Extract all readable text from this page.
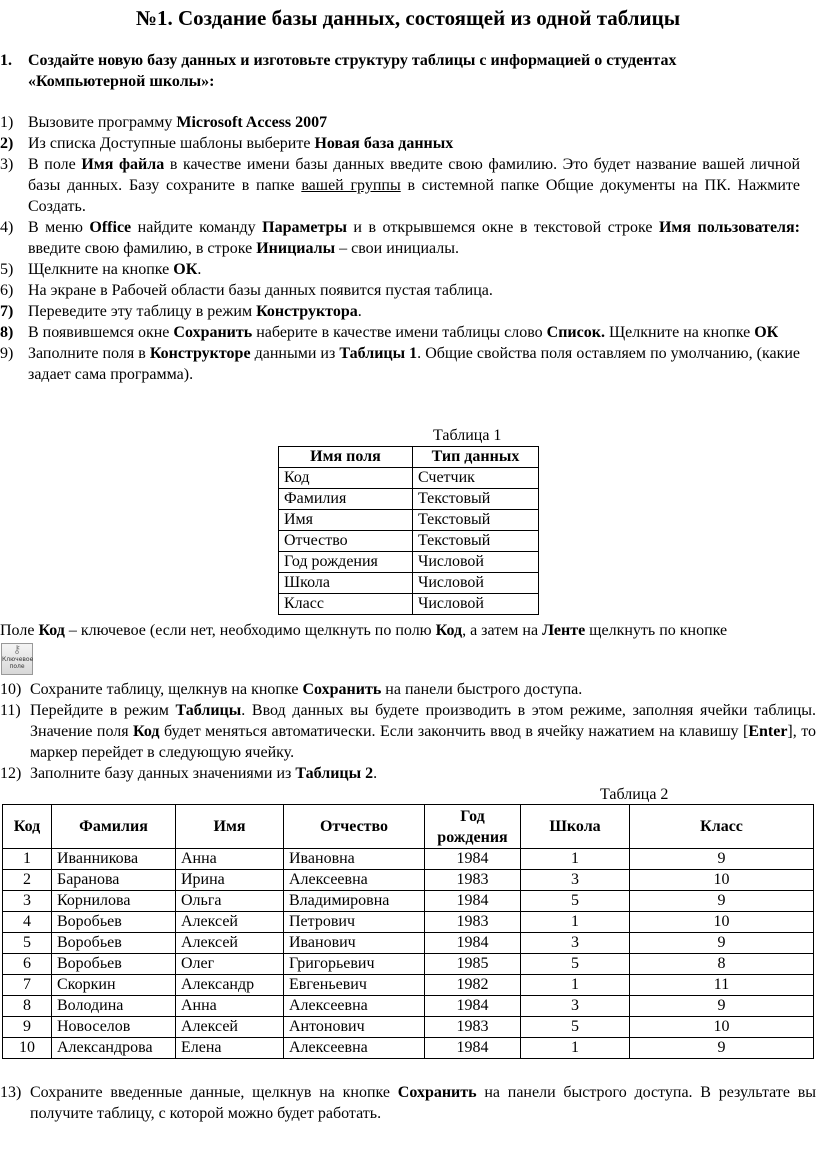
№1. Создание базы данных, состоящей из одной таблицы
1. Создайте новую базу данных и изготовьте структуру таблицы с информацией о студентах «Компьютерной школы»:
1) Вызовите программу Microsoft Access 2007
2) Из списка Доступные шаблоны выберите Новая база данных
3) В поле Имя файла в качестве имени базы данных введите свою фамилию. Это будет название вашей личной базы данных. Базу сохраните в папке вашей группы в системной папке Общие документы на ПК. Нажмите Создать.
4) В меню Office найдите команду Параметры и в открывшемся окне в текстовой строке Имя пользователя: введите свою фамилию, в строке Инициалы – свои инициалы.
5) Щелкните на кнопке ОК.
6) На экране в Рабочей области базы данных появится пустая таблица.
7) Переведите эту таблицу в режим Конструктора.
8) В появившемся окне Сохранить наберите в качестве имени таблицы слово Список. Щелкните на кнопке ОК
9) Заполните поля в Конструкторе данными из Таблицы 1. Общие свойства поля оставляем по умолчанию, (какие задает сама программа).
Таблица 1
Имя поля	Тип данных
Код	Счетчик
Фамилия	Текстовый
Имя	Текстовый
Отчество	Текстовый
Год рождения	Числовой
Школа	Числовой
Класс	Числовой
Поле Код – ключевое (если нет, необходимо щелкнуть по полю Код, а затем на Ленте щелкнуть по кнопке
⚷
Ключевое поле
10) Сохраните таблицу, щелкнув на кнопке Сохранить на панели быстрого доступа.
11) Перейдите в режим Таблицы. Ввод данных вы будете производить в этом режиме, заполняя ячейки таблицы. Значение поля Код будет меняться автоматически. Если закончить ввод в ячейку нажатием на клавишу [Enter], то маркер перейдет в следующую ячейку.
12) Заполните базу данных значениями из Таблицы 2.
Таблица 2
Код	Фамилия	Имя	Отчество	Год рождения	Школа	Класс
1	Иванникова	Анна	Ивановна	1984	1	9
2	Баранова	Ирина	Алексеевна	1983	3	10
3	Корнилова	Ольга	Владимировна	1984	5	9
4	Воробьев	Алексей	Петрович	1983	1	10
5	Воробьев	Алексей	Иванович	1984	3	9
6	Воробьев	Олег	Григорьевич	1985	5	8
7	Скоркин	Александр	Евгеньевич	1982	1	11
8	Володина	Анна	Алексеевна	1984	3	9
9	Новоселов	Алексей	Антонович	1983	5	10
10	Александрова	Елена	Алексеевна	1984	1	9
13) Сохраните введенные данные, щелкнув на кнопке Сохранить на панели быстрого доступа. В результате вы получите таблицу, с которой можно будет работать.
